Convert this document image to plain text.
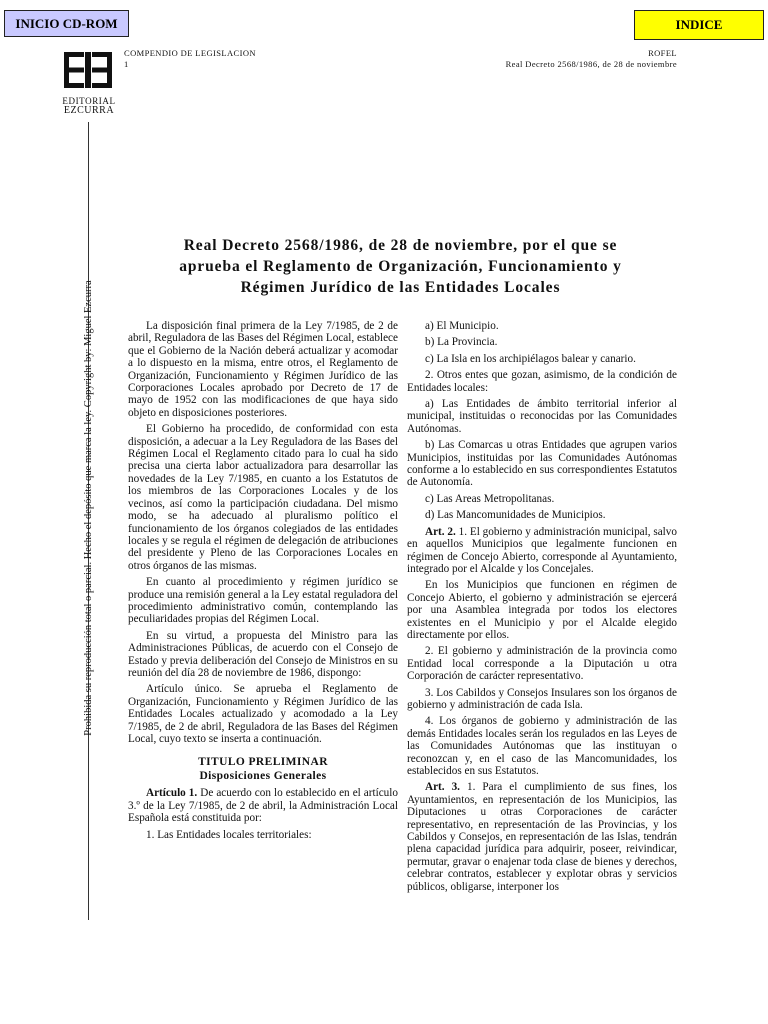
INICIO CD-ROM	INDICE
EDITORIAL
EZCURRA
Prohibida su reproducción total o parcial. Hecho el depósito que marca la ley. Copyright by: Miguel Ezcurra
COMPENDIO DE LEGISLACION
1
ROFEL
Real Decreto 2568/1986, de 28 de noviembre
Real Decreto 2568/1986, de 28 de noviembre, por el que se
aprueba el Reglamento de Organización, Funcionamiento y
Régimen Jurídico de las Entidades Locales

La disposición final primera de la Ley 7/1985, de 2 de abril, Reguladora de las Bases del Régimen Local, establece que el Gobierno de la Nación deberá actualizar y acomodar a lo dispuesto en la misma, entre otros, el Reglamento de Organización, Funcionamiento y Régimen Jurídico de las Corporaciones Locales aprobado por Decreto de 17 de mayo de 1952 con las modificaciones de que haya sido objeto en disposiciones posteriores.

El Gobierno ha procedido, de conformidad con esta disposición, a adecuar a la Ley Reguladora de las Bases del Régimen Local el Reglamento citado para lo cual ha sido precisa una cierta labor actualizadora para desarrollar las novedades de la Ley 7/1985, en cuanto a los Estatutos de los miembros de las Corporaciones Locales y de los vecinos, así como la participación ciudadana. Del mismo modo, se ha adecuado al pluralismo político el funcionamiento de los órganos colegiados de las entidades locales y se regula el régimen de delegación de atribuciones del presidente y Pleno de las Corporaciones Locales en otros órganos de las mismas.

En cuanto al procedimiento y régimen jurídico se produce una remisión general a la Ley estatal reguladora del procedimiento administrativo común, contemplando las peculiaridades propias del Régimen Local.

En su virtud, a propuesta del Ministro para las Administraciones Públicas, de acuerdo con el Consejo de Estado y previa deliberación del Consejo de Ministros en su reunión del día 28 de noviembre de 1986, dispongo:

Artículo único. Se aprueba el Reglamento de Organización, Funcionamiento y Régimen Jurídico de las Entidades Locales actualizado y acomodado a la Ley 7/1985, de 2 de abril, Reguladora de las Bases del Régimen Local, cuyo texto se inserta a continuación.

TITULO PRELIMINAR
Disposiciones Generales

Artículo 1. De acuerdo con lo establecido en el artículo 3.º de la Ley 7/1985, de 2 de abril, la Administración Local Española está constituida por:

1. Las Entidades locales territoriales:

a) El Municipio.

b) La Provincia.

c) La Isla en los archipiélagos balear y canario.

2. Otros entes que gozan, asimismo, de la condición de Entidades locales:

a) Las Entidades de ámbito territorial inferior al municipal, instituidas o reconocidas por las Comunidades Autónomas.

b) Las Comarcas u otras Entidades que agrupen varios Municipios, instituidas por las Comunidades Autónomas conforme a lo establecido en sus correspondientes Estatutos de Autonomía.

c) Las Areas Metropolitanas.

d) Las Mancomunidades de Municipios.

Art. 2. 1. El gobierno y administración municipal, salvo en aquellos Municipios que legalmente funcionen en régimen de Concejo Abierto, corresponde al Ayuntamiento, integrado por el Alcalde y los Concejales.

En los Municipios que funcionen en régimen de Concejo Abierto, el gobierno y administración se ejercerá por una Asamblea integrada por todos los electores existentes en el Municipio y por el Alcalde elegido directamente por ellos.

2. El gobierno y administración de la provincia como Entidad local corresponde a la Diputación u otra Corporación de carácter representativo.

3. Los Cabildos y Consejos Insulares son los órganos de gobierno y administración de cada Isla.

4. Los órganos de gobierno y administración de las demás Entidades locales serán los regulados en las Leyes de las Comunidades Autónomas que las instituyan o reconozcan y, en el caso de las Mancomunidades, los establecidos en sus Estatutos.

Art. 3. 1. Para el cumplimiento de sus fines, los Ayuntamientos, en representación de los Municipios, las Diputaciones u otras Corporaciones de carácter representativo, en representación de las Provincias, y los Cabildos y Consejos, en representación de las Islas, tendrán plena capacidad jurídica para adquirir, poseer, reivindicar, permutar, gravar o enajenar toda clase de bienes y derechos, celebrar contratos, establecer y explotar obras y servicios públicos, obligarse, interponer los
